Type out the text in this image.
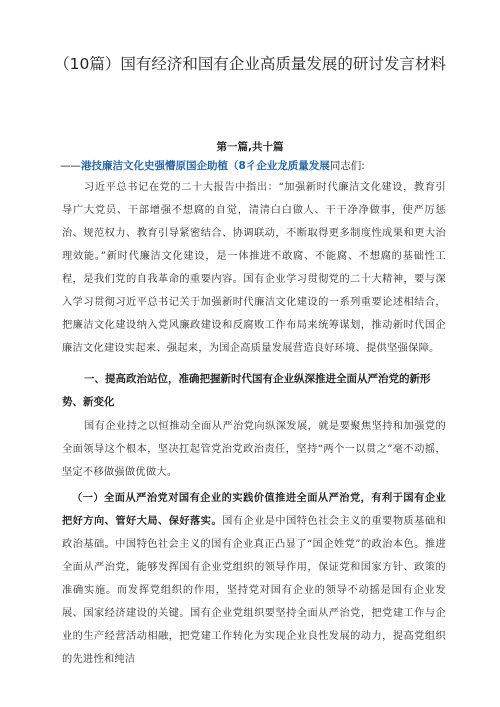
（10篇）国有经济和国有企业高质量发展的研讨发言材料
第一篇,共十篇
——港技廉洁文化史强懵原国企助植（8彳企业龙质量发展同志们:

习近平总书记在党的二十大报告中指出：“加强新时代廉洁文化建设，教育引导广大党员、干部增强不想腐的自觉，清清白白做人、干干净净做事，使严厉惩治、规范权力、教育引导紧密结合、协调联动，不断取得更多制度性成果和更大治理效能。”新时代廉洁文化建设，是一体推进不敢腐、不能腐、不想腐的基础性工程，是我们党的自我革命的重要内容。国有企业学习贯彻党的二十大精神，要与深入学习贯彻习近平总书记关于加强新时代廉洁文化建设的一系列重要论述相结合，把廉洁文化建设纳入党风廉政建设和反腐败工作布局来统筹谋划，推动新时代国企廉洁文化建设实起来、强起来，为国企高质量发展营造良好环境、提供坚强保障。

一、提高政治站位，准确把握新时代国有企业纵深推进全面从严治党的新形势、新变化

国有企业持之以恒推动全面从严治党向纵深发展，就是要聚焦坚持和加强党的全面领导这个根本，坚决扛起管党治党政治责任，坚持“两个一以贯之”毫不动摇，坚定不移做强做优做大。

（一）全面从严治党对国有企业的实践价值推进全面从严治党，有利于国有企业把好方向、管好大局、保好落实。国有企业是中国特色社会主义的重要物质基础和政治基础。中国特色社会主义的国有企业真正凸显了“国企姓党”的政治本色。推进全面从严治党，能够发挥国有企业党组织的领导作用，保证党和国家方针、政策的准确实施。而发挥党组织的作用，坚持党对国有企业的领导不动摇是国有企业发展、国家经济建设的关键。国有企业党组织要坚持全面从严治党，把党建工作与企业的生产经营活动相融，把党建工作转化为实现企业良性发展的动力，提高党组织的先进性和纯洁
